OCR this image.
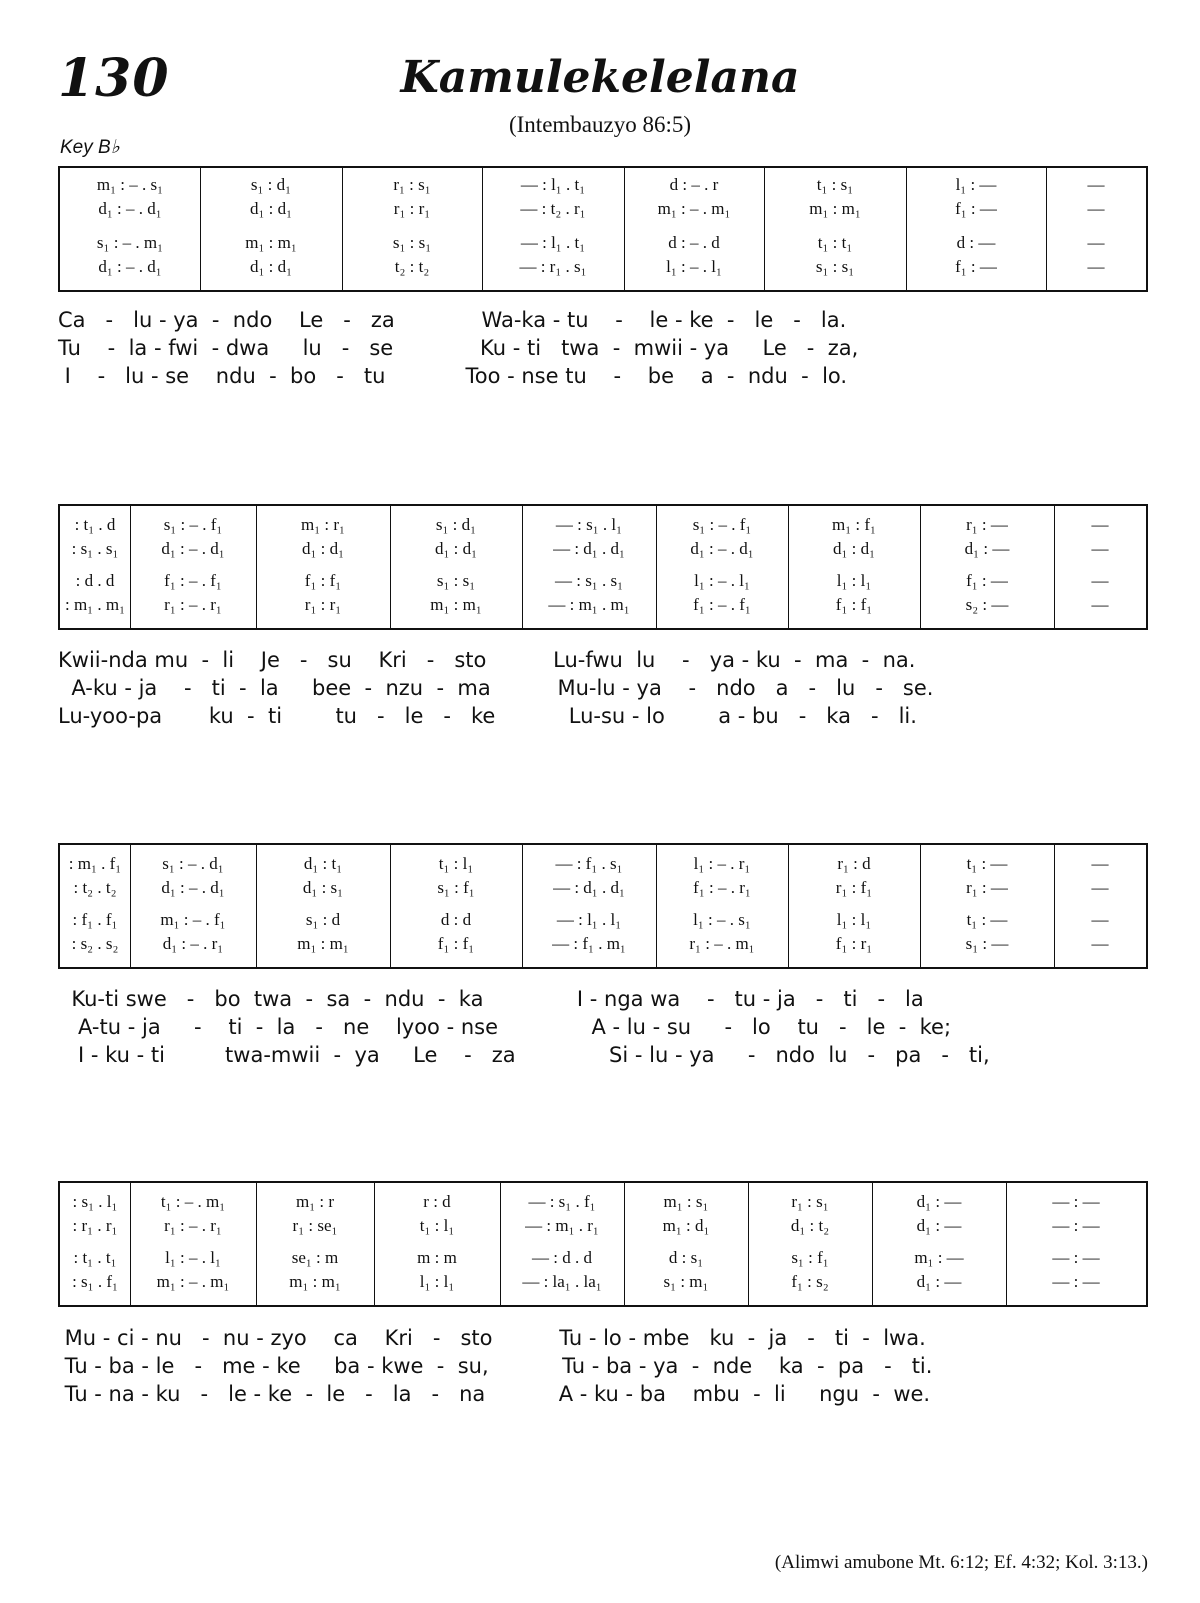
130	Kamulekelelana
(Intembauzyo 86:5)
Key B♭
m₁ : – . s₁	s₁ : d₁	r₁ : s₁	— : l₁ . t₁	d : – . r	t₁ : s₁	l₁ : —	—
d₁ : – . d₁	d₁ : d₁	r₁ : r₁	— : t₂ . r₁	m₁ : – . m₁	m₁ : m₁	f₁ : —	—
s₁ : – . m₁	m₁ : m₁	s₁ : s₁	— : l₁ . t₁	d : – . d	t₁ : t₁	d : —	—
d₁ : – . d₁	d₁ : d₁	t₂ : t₂	— : r₁ . s₁	l₁ : – . l₁	s₁ : s₁	f₁ : —	—
Ca   -   lu - ya  -  ndo    Le   -   za             Wa-ka - tu    -    le - ke  -   le   -   la.
Tu    -  la - fwi  - dwa     lu   -   se             Ku - ti   twa  -  mwii - ya     Le   -  za,
I    -   lu - se    ndu  -  bo   -   tu            Too - nse tu    -    be    a  -  ndu  -  lo.
: t₁ . d	s₁ : – . f₁	m₁ : r₁	s₁ : d₁	— : s₁ . l₁	s₁ : – . f₁	m₁ : f₁	r₁ : —	—
: s₁ . s₁	d₁ : – . d₁	d₁ : d₁	d₁ : d₁	— : d₁ . d₁	d₁ : – . d₁	d₁ : d₁	d₁ : —	—
: d . d	f₁ : – . f₁	f₁ : f₁	s₁ : s₁	— : s₁ . s₁	l₁ : – . l₁	l₁ : l₁	f₁ : —	—
: m₁ . m₁	r₁ : – . r₁	r₁ : r₁	m₁ : m₁	— : m₁ . m₁	f₁ : – . f₁	f₁ : f₁	s₂ : —	—
Kwii-nda mu  -  li    Je   -   su    Kri   -   sto          Lu-fwu  lu    -   ya - ku  -  ma  -  na.
A-ku - ja    -   ti  -  la     bee  -  nzu  -  ma          Mu-lu - ya    -   ndo   a   -   lu   -   se.
Lu-yoo-pa       ku  -  ti        tu   -   le   -   ke           Lu-su - lo        a - bu   -   ka   -   li.
: m₁ . f₁	s₁ : – . d₁	d₁ : t₁	t₁ : l₁	— : f₁ . s₁	l₁ : – . r₁	r₁ : d	t₁ : —	—
: t₂ . t₂	d₁ : – . d₁	d₁ : s₁	s₁ : f₁	— : d₁ . d₁	f₁ : – . r₁	r₁ : f₁	r₁ : —	—
: f₁ . f₁	m₁ : – . f₁	s₁ : d	d : d	— : l₁ . l₁	l₁ : – . s₁	l₁ : l₁	t₁ : —	—
: s₂ . s₂	d₁ : – . r₁	m₁ : m₁	f₁ : f₁	— : f₁ . m₁	r₁ : – . m₁	f₁ : r₁	s₁ : —	—
Ku-ti swe   -   bo  twa  -  sa  -  ndu  -  ka              I - nga wa    -   tu - ja   -   ti   -   la
A-tu - ja     -    ti  -  la   -   ne    lyoo - nse              A - lu - su     -   lo    tu   -   le  -  ke;
I - ku - ti         twa-mwii  -  ya     Le    -   za              Si - lu - ya     -   ndo  lu   -   pa   -   ti,
: s₁ . l₁	t₁ : – . m₁	m₁ : r	r : d	— : s₁ . f₁	m₁ : s₁	r₁ : s₁	d₁ : —	— : —
: r₁ . r₁	r₁ : – . r₁	r₁ : se₁	t₁ : l₁	— : m₁ . r₁	m₁ : d₁	d₁ : t₂	d₁ : —	— : —
: t₁ . t₁	l₁ : – . l₁	se₁ : m	m : m	— : d . d	d : s₁	s₁ : f₁	m₁ : —	— : —
: s₁ . f₁	m₁ : – . m₁	m₁ : m₁	l₁ : l₁	— : la₁ . la₁	s₁ : m₁	f₁ : s₂	d₁ : —	— : —
Mu - ci - nu   -  nu - zyo    ca    Kri   -   sto          Tu - lo - mbe   ku  -  ja   -   ti  -  lwa.
Tu - ba - le   -   me - ke     ba - kwe  -  su,           Tu - ba - ya  -  nde    ka  -  pa   -   ti.
Tu - na - ku   -   le - ke  -  le   -   la   -   na           A - ku - ba    mbu  -  li     ngu  -  we.
(Alimwi amubone Mt. 6:12; Ef. 4:32; Kol. 3:13.)
